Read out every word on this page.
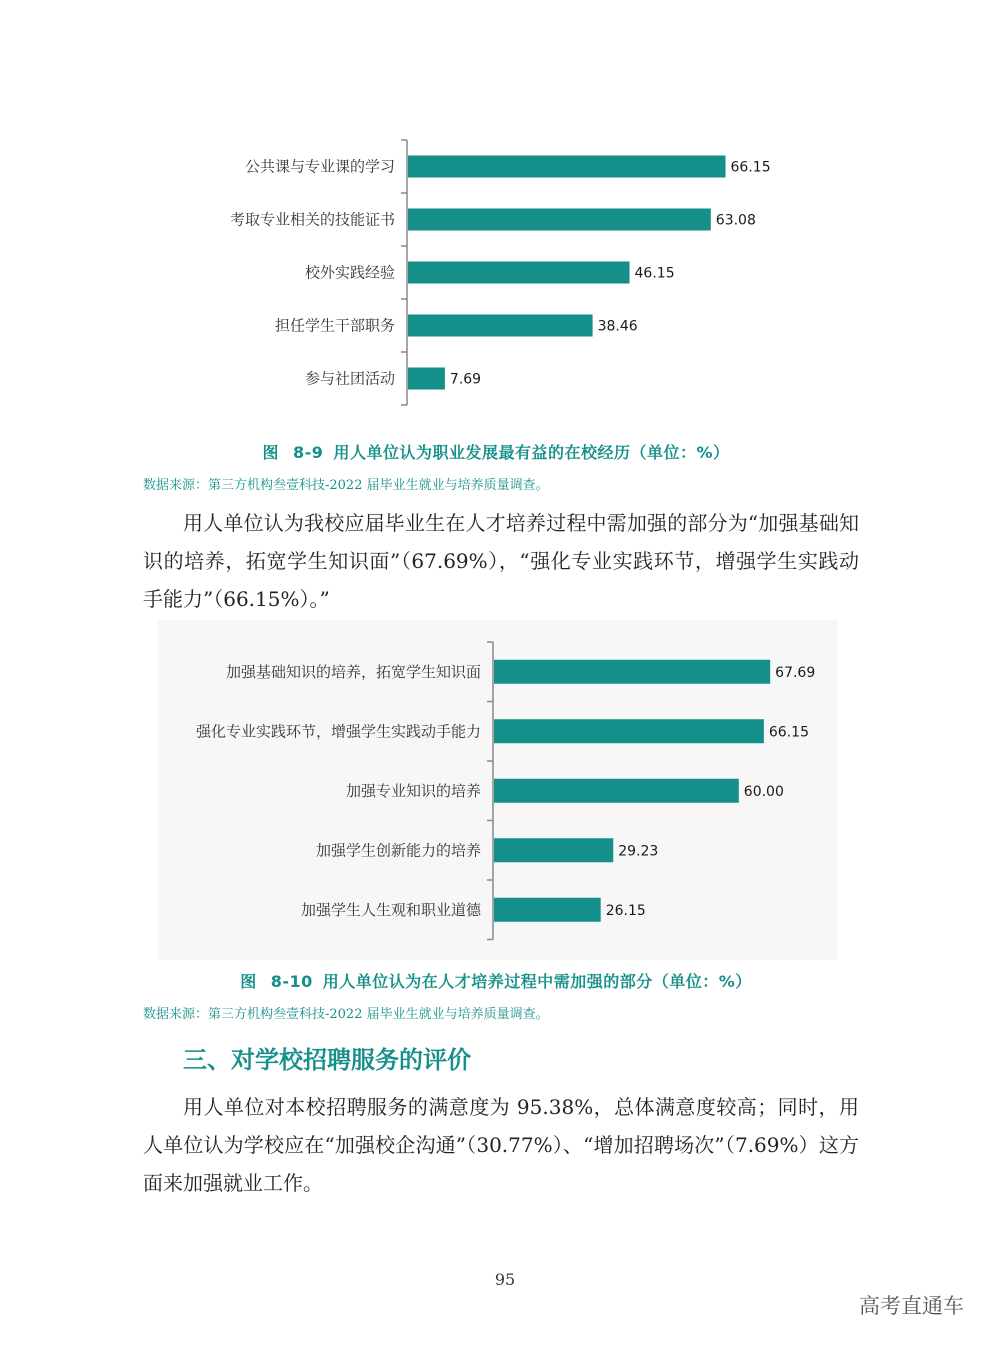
公共课与专业课的学习	66.15
考取专业相关的技能证书	63.08
校外实践经验	46.15
担任学生干部职务	38.46
参与社团活动	7.69
图 8-9 用人单位认为职业发展最有益的在校经历（单位：%）
数据来源：第三方机构叁壹科技-2022 届毕业生就业与培养质量调查。

用人单位认为我校应届毕业生在人才培养过程中需加强的部分为“加强基础知识的培养，拓宽学生知识面”（67.69%），“强化专业实践环节，增强学生实践动手能力”（66.15%）。”

加强基础知识的培养，拓宽学生知识面	67.69
强化专业实践环节，增强学生实践动手能力	66.15
加强专业知识的培养	60.00
加强学生创新能力的培养	29.23
加强学生人生观和职业道德	26.15
图 8-10 用人单位认为在人才培养过程中需加强的部分（单位：%）
数据来源：第三方机构叁壹科技-2022 届毕业生就业与培养质量调查。
三、对学校招聘服务的评价

用人单位对本校招聘服务的满意度为 95.38%，总体满意度较高；同时，用人单位认为学校应在“加强校企沟通”（30.77%）、“增加招聘场次”（7.69%）这方面来加强就业工作。

95
高考直通车
